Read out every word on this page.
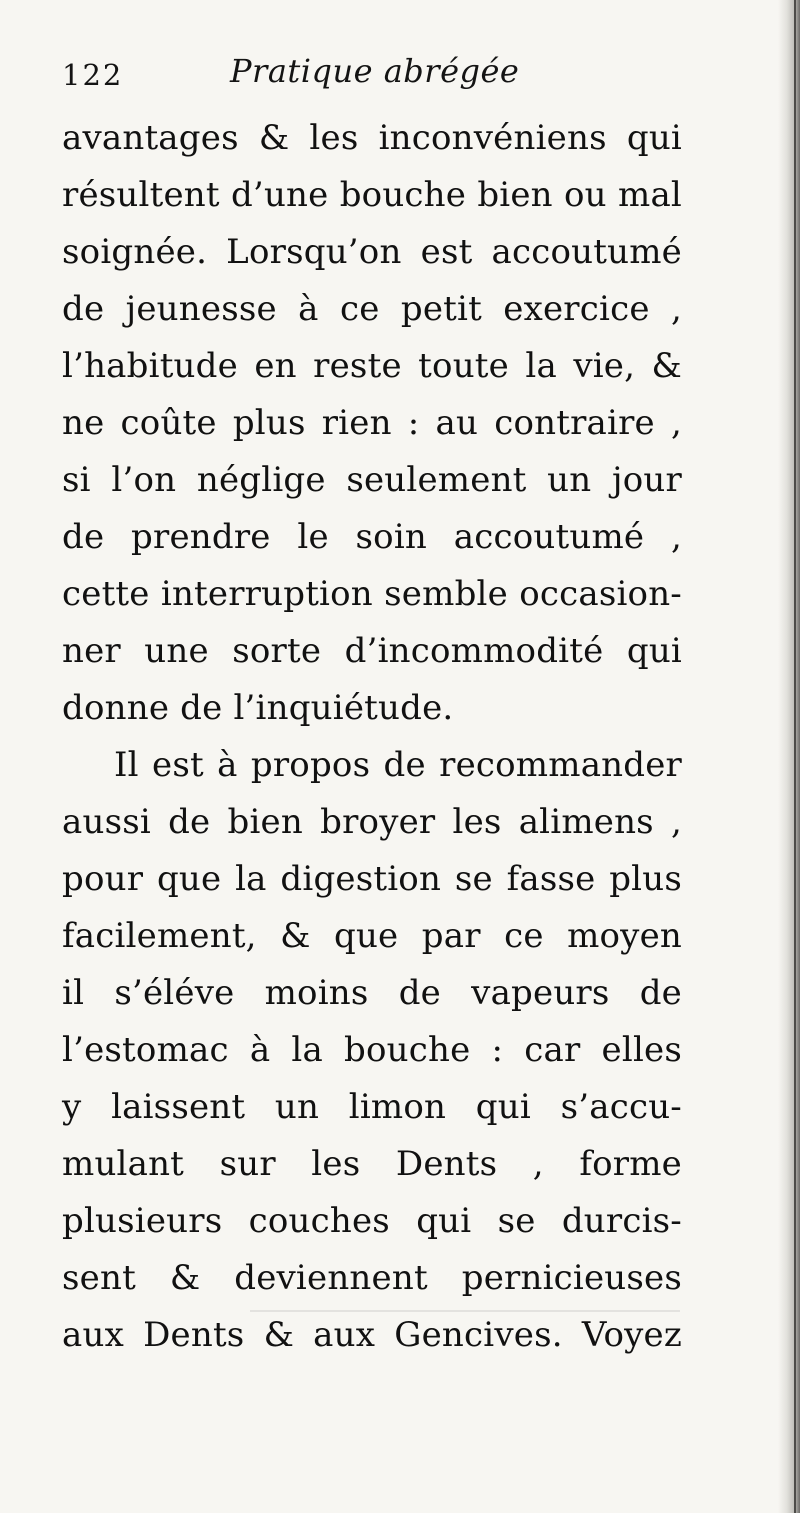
122	Pratique abrégée
avantages & les inconvéniens qui
résultent d’une bouche bien ou mal
soignée. Lorsqu’on est accoutumé
de jeunesse à ce petit exercice ,
l’habitude en reste toute la vie, &
ne coûte plus rien : au contraire ,
si l’on néglige seulement un jour
de prendre le soin accoutumé ,
cette interruption semble occasion-
ner une sorte d’incommodité qui
donne de l’inquiétude.
Il est à propos de recommander
aussi de bien broyer les alimens ,
pour que la digestion se fasse plus
facilement, & que par ce moyen
il s’éléve moins de vapeurs de
l’estomac à la bouche : car elles
y laissent un limon qui s’accu-
mulant sur les Dents , forme
plusieurs couches qui se durcis-
sent & deviennent pernicieuses
aux Dents & aux Gencives. Voyez
